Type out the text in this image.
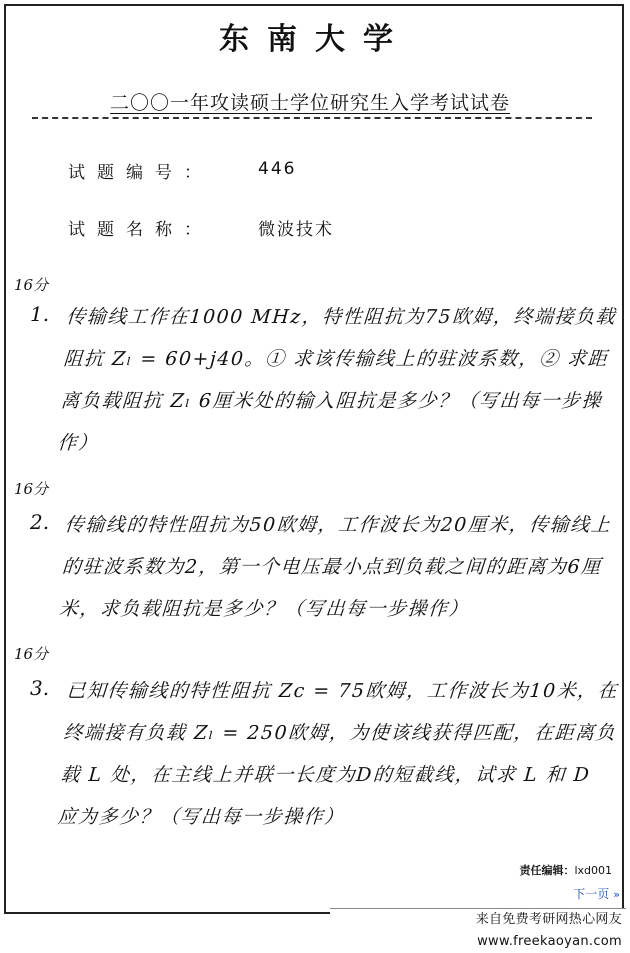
东南大学
二〇〇一年攻读硕士学位研究生入学考试试卷
试题编号：	446
试题名称：	微波技术
16分
1. 传输线工作在1000 MHz，特性阻抗为75欧姆，终端接负载阻抗 Zₗ = 60+j40。① 求该传输线上的驻波系数，② 求距离负载阻抗 Zₗ 6厘米处的输入阻抗是多少？（写出每一步操作）
16分
2. 传输线的特性阻抗为50欧姆，工作波长为20厘米，传输线上的驻波系数为2，第一个电压最小点到负载之间的距离为6厘米，求负载阻抗是多少？（写出每一步操作）
16分
3. 已知传输线的特性阻抗 Zc = 75欧姆，工作波长为10米，在终端接有负载 Zₗ = 250欧姆，为使该线获得匹配，在距离负载 L 处，在主线上并联一长度为D的短截线，试求 L 和 D 应为多少？（写出每一步操作）
责任编辑：lxd001
下一页 »
来自免费考研网热心网友 www.freekaoyan.com
